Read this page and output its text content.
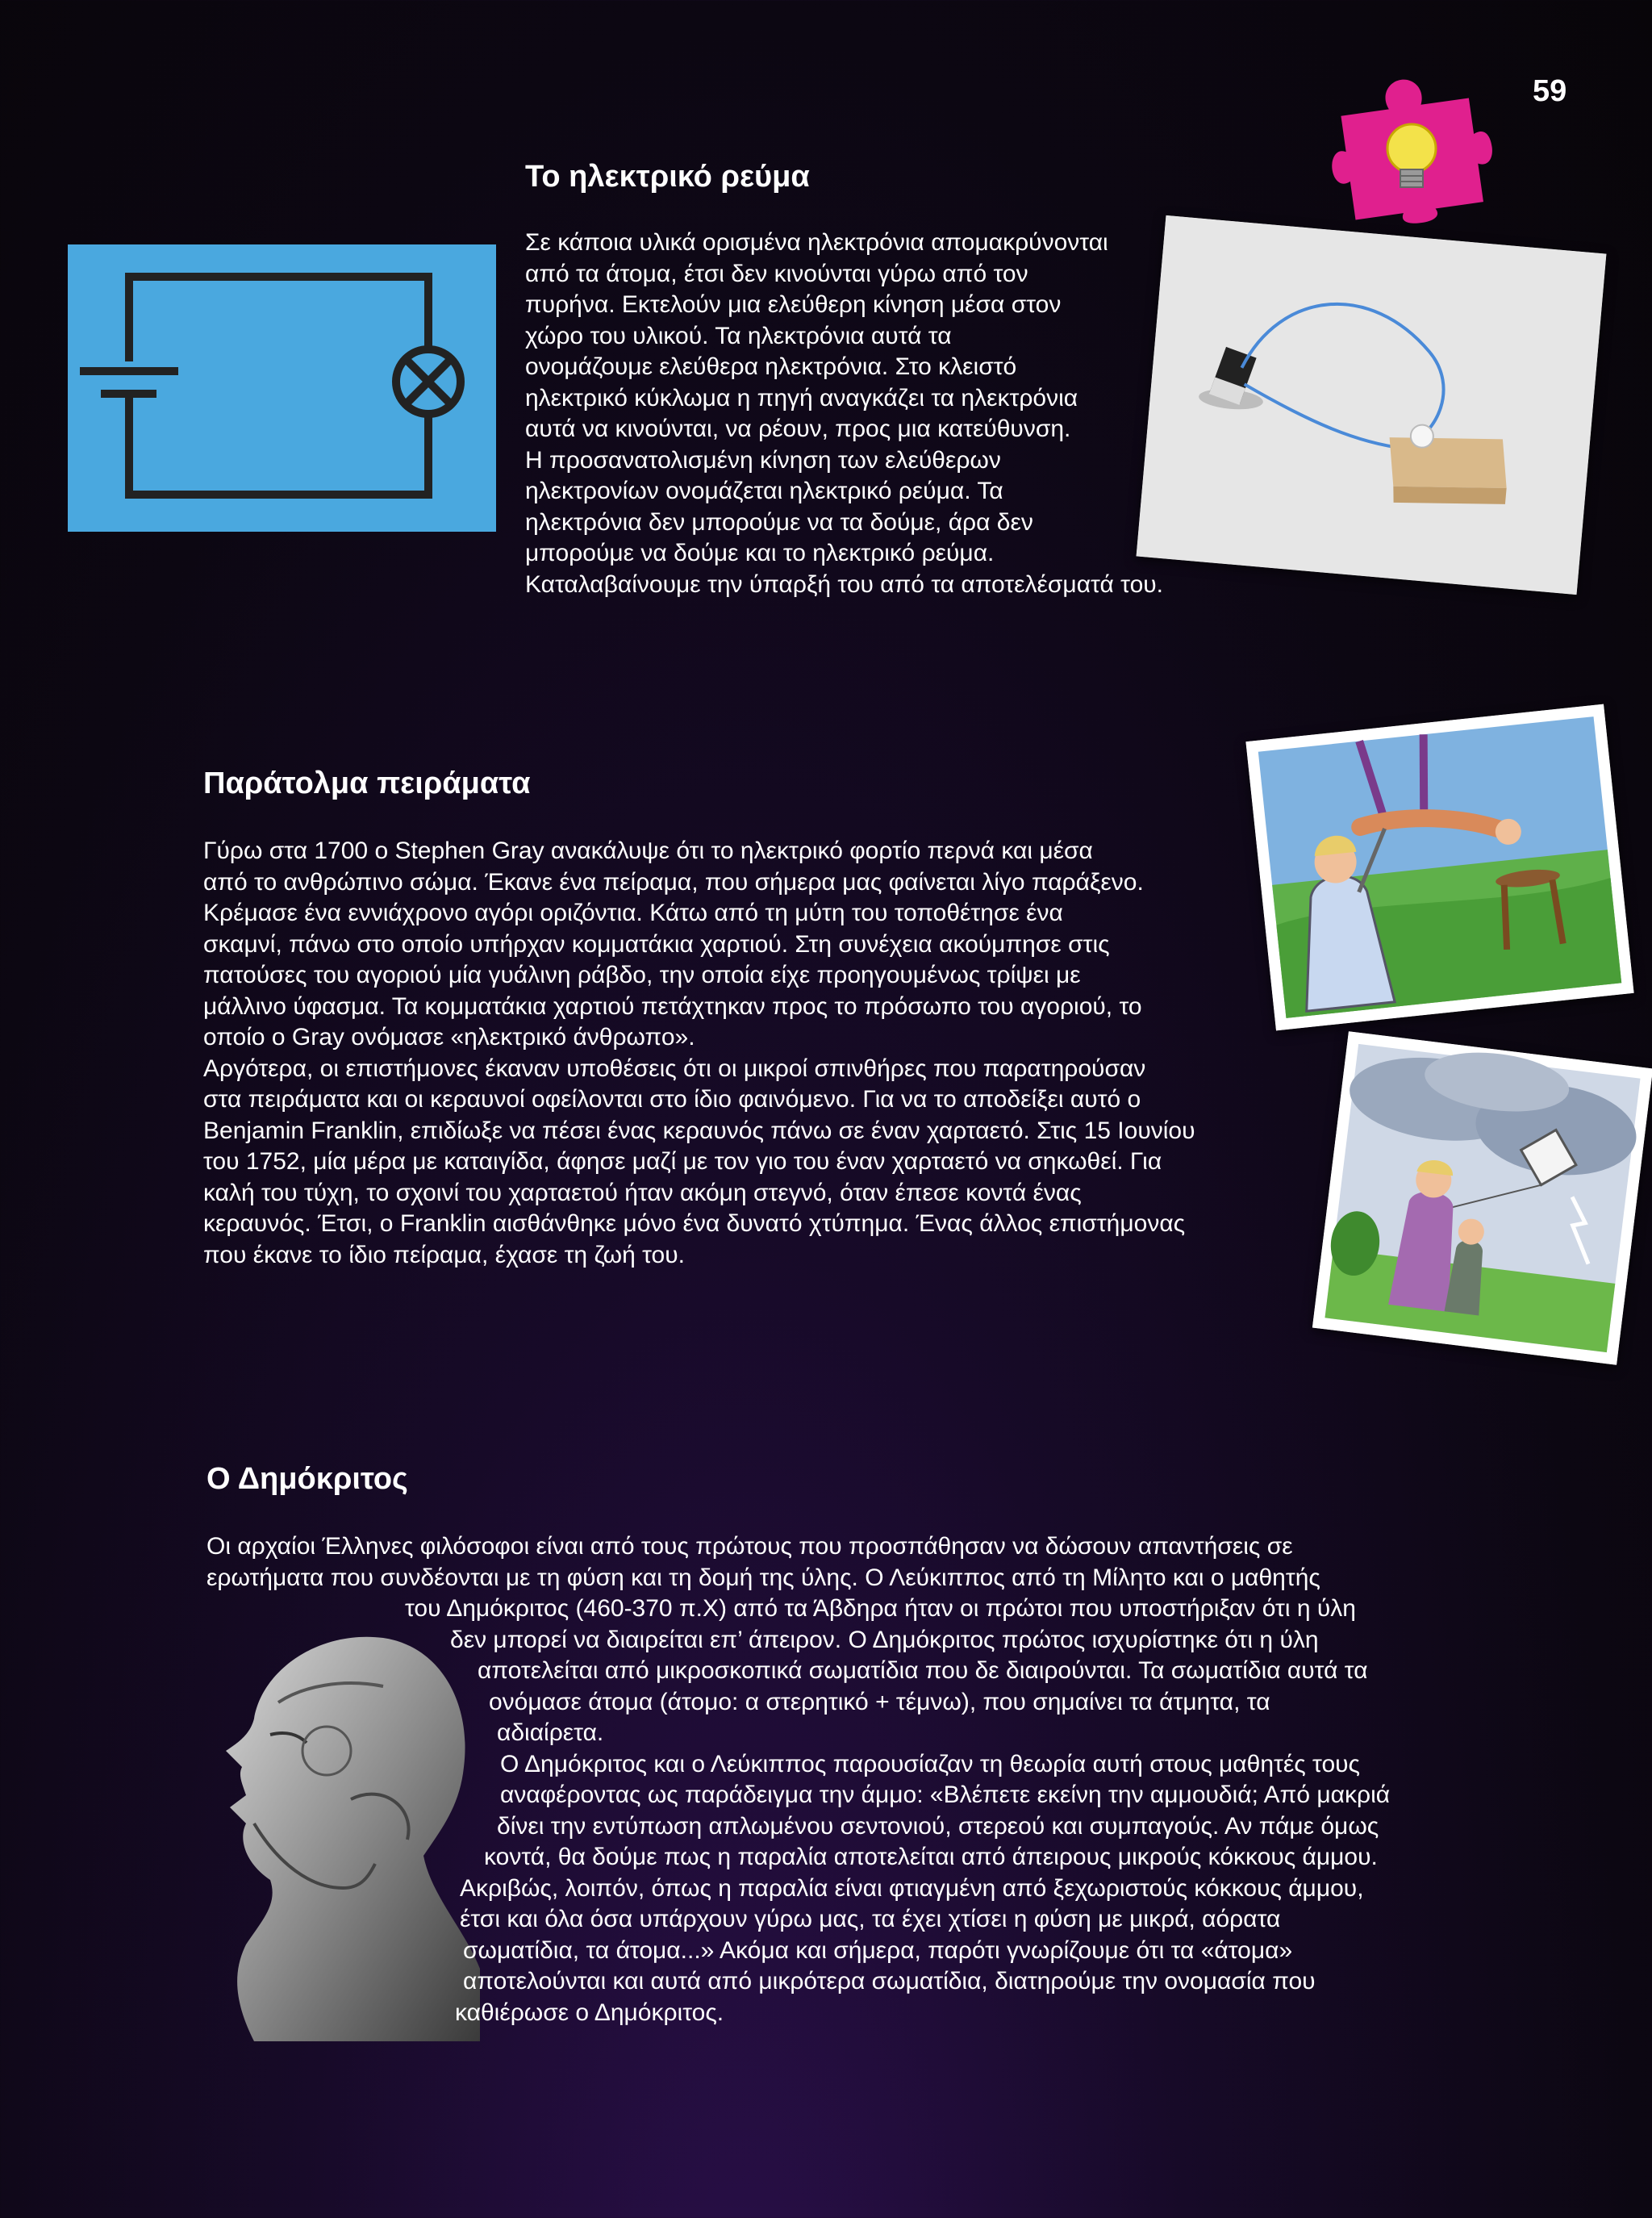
59
Το ηλεκτρικό ρεύμα
Σε κάποια υλικά ορισμένα ηλεκτρόνια απομακρύνονται
από τα άτομα, έτσι δεν κινούνται γύρω από τον
πυρήνα. Εκτελούν μια ελεύθερη κίνηση μέσα στον
χώρο του υλικού. Τα ηλεκτρόνια αυτά τα
ονομάζουμε ελεύθερα ηλεκτρόνια. Στο κλειστό
ηλεκτρικό κύκλωμα η πηγή αναγκάζει τα ηλεκτρόνια
αυτά να κινούνται, να ρέουν, προς μια κατεύθυνση.
Η προσανατολισμένη κίνηση των ελεύθερων
ηλεκτρονίων ονομάζεται ηλεκτρικό ρεύμα. Τα
ηλεκτρόνια δεν μπορούμε να τα δούμε, άρα δεν
μπορούμε να δούμε και το ηλεκτρικό ρεύμα.
Καταλαβαίνουμε την ύπαρξή του από τα αποτελέσματά του.
Παράτολμα πειράματα
Γύρω στα 1700 ο Stephen Gray ανακάλυψε ότι το ηλεκτρικό φορτίο περνά και μέσα
από το ανθρώπινο σώμα. Έκανε ένα πείραμα, που σήμερα μας φαίνεται λίγο παράξενο.
Κρέμασε ένα εννιάχρονο αγόρι οριζόντια. Κάτω από τη μύτη του τοποθέτησε ένα
σκαμνί, πάνω στο οποίο υπήρχαν κομματάκια χαρτιού. Στη συνέχεια ακούμπησε στις
πατούσες του αγοριού μία γυάλινη ράβδο, την οποία είχε προηγουμένως τρίψει με
μάλλινο ύφασμα. Τα κομματάκια χαρτιού πετάχτηκαν προς το πρόσωπο του αγοριού, το
οποίο ο Gray ονόμασε «ηλεκτρικό άνθρωπο».
Αργότερα, οι επιστήμονες έκαναν υποθέσεις ότι οι μικροί σπινθήρες που παρατηρούσαν
στα πειράματα και οι κεραυνοί οφείλονται στο ίδιο φαινόμενο. Για να το αποδείξει αυτό ο
Benjamin Franklin, επιδίωξε να πέσει ένας κεραυνός πάνω σε έναν χαρταετό. Στις 15 Ιουνίου
του 1752, μία μέρα με καταιγίδα, άφησε μαζί με τον γιο του έναν χαρταετό να σηκωθεί. Για
καλή του τύχη, το σχοινί του χαρταετού ήταν ακόμη στεγνό, όταν έπεσε κοντά ένας
κεραυνός. Έτσι, ο Franklin αισθάνθηκε μόνο ένα δυνατό χτύπημα. Ένας άλλος επιστήμονας
που έκανε το ίδιο πείραμα, έχασε τη ζωή του.
Ο Δημόκριτος
Οι αρχαίοι Έλληνες φιλόσοφοι είναι από τους πρώτους που προσπάθησαν να δώσουν απαντήσεις σε
ερωτήματα που συνδέονται με τη φύση και τη δομή της ύλης. Ο Λεύκιππος από τη Μίλητο και ο μαθητής
του Δημόκριτος (460-370 π.Χ) από τα Άβδηρα ήταν οι πρώτοι που υποστήριξαν ότι η ύλη
δεν μπορεί να διαιρείται επ’ άπειρον. Ο Δημόκριτος πρώτος ισχυρίστηκε ότι η ύλη
αποτελείται από μικροσκοπικά σωματίδια που δε διαιρούνται. Τα σωματίδια αυτά τα
ονόμασε άτομα (άτομο: α στερητικό + τέμνω), που σημαίνει τα άτμητα, τα
αδιαίρετα.
Ο Δημόκριτος και ο Λεύκιππος παρουσίαζαν τη θεωρία αυτή στους μαθητές τους
αναφέροντας ως παράδειγμα την άμμο: «Βλέπετε εκείνη την αμμουδιά; Από μακριά
δίνει την εντύπωση απλωμένου σεντονιού, στερεού και συμπαγούς. Αν πάμε όμως
κοντά, θα δούμε πως η παραλία αποτελείται από άπειρους μικρούς κόκκους άμμου.
Ακριβώς, λοιπόν, όπως η παραλία είναι φτιαγμένη από ξεχωριστούς κόκκους άμμου,
έτσι και όλα όσα υπάρχουν γύρω μας, τα έχει χτίσει η φύση με μικρά, αόρατα
σωματίδια, τα άτομα...» Ακόμα και σήμερα, παρότι γνωρίζουμε ότι τα «άτομα»
αποτελούνται και αυτά από μικρότερα σωματίδια, διατηρούμε την ονομασία που
καθιέρωσε ο Δημόκριτος.
